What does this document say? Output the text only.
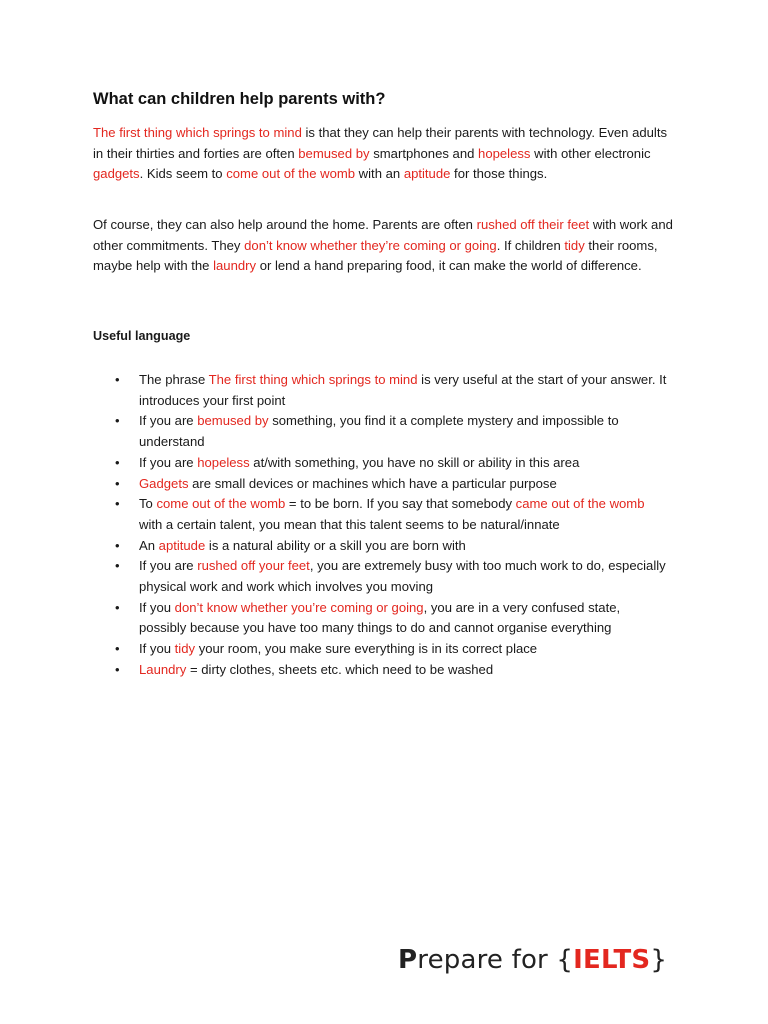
What can children help parents with?

The first thing which springs to mind is that they can help their parents with technology. Even adults in their thirties and forties are often bemused by smartphones and hopeless with other electronic gadgets. Kids seem to come out of the womb with an aptitude for those things.

Of course, they can also help around the home. Parents are often rushed off their feet with work and other commitments. They don’t know whether they’re coming or going. If children tidy their rooms, maybe help with the laundry or lend a hand preparing food, it can make the world of difference.

Useful language
• The phrase The first thing which springs to mind is very useful at the start of your answer. It introduces your first point
• If you are bemused by something, you find it a complete mystery and impossible to understand
• If you are hopeless at/with something, you have no skill or ability in this area
• Gadgets are small devices or machines which have a particular purpose
• To come out of the womb = to be born. If you say that somebody came out of the womb with a certain talent, you mean that this talent seems to be natural/innate
• An aptitude is a natural ability or a skill you are born with
• If you are rushed off your feet, you are extremely busy with too much work to do, especially physical work and work which involves you moving
• If you don’t know whether you’re coming or going, you are in a very confused state, possibly because you have too many things to do and cannot organise everything
• If you tidy your room, you make sure everything is in its correct place
• Laundry = dirty clothes, sheets etc. which need to be washed
Prepare for {IELTS}
